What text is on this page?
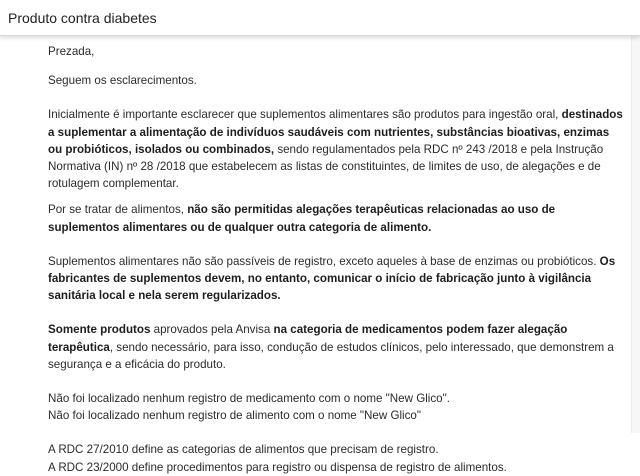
Produto contra diabetes

Prezada,

Seguem os esclarecimentos.

Inicialmente é importante esclarecer que suplementos alimentares são produtos para ingestão oral, destinados a suplementar a alimentação de indivíduos saudáveis com nutrientes, substâncias bioativas, enzimas ou probióticos, isolados ou combinados, sendo regulamentados pela RDC nº 243 /2018 e pela Instrução Normativa (IN) nº 28 /2018 que estabelecem as listas de constituintes, de limites de uso, de alegações e de rotulagem complementar.

Por se tratar de alimentos, não são permitidas alegações terapêuticas relacionadas ao uso de suplementos alimentares ou de qualquer outra categoria de alimento.

Suplementos alimentares não são passíveis de registro, exceto aqueles à base de enzimas ou probióticos. Os fabricantes de suplementos devem, no entanto, comunicar o início de fabricação junto à vigilância sanitária local e nela serem regularizados.

Somente produtos aprovados pela Anvisa na categoria de medicamentos podem fazer alegação terapêutica, sendo necessário, para isso, condução de estudos clínicos, pelo interessado, que demonstrem a segurança e a eficácia do produto.

Não foi localizado nenhum registro de medicamento com o nome "New Glico".

Não foi localizado nenhum registro de alimento com o nome "New Glico"

A RDC 27/2010 define as categorias de alimentos que precisam de registro.

A RDC 23/2000 define procedimentos para registro ou dispensa de registro de alimentos.
